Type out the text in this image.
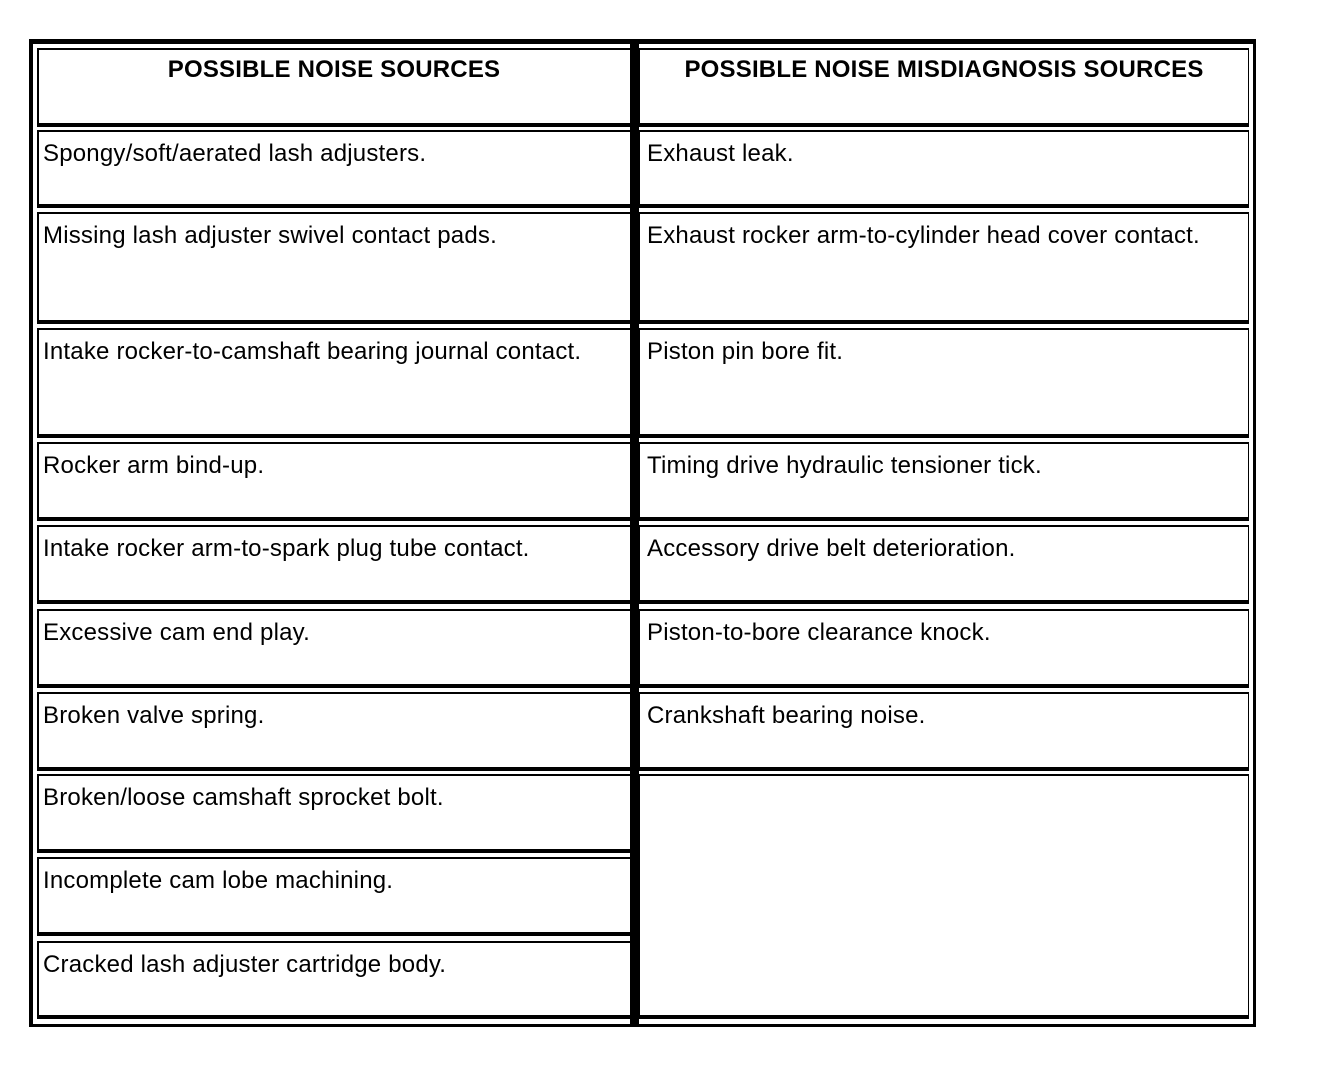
POSSIBLE NOISE SOURCES	POSSIBLE NOISE MISDIAGNOSIS SOURCES
Spongy/soft/aerated lash adjusters.
Missing lash adjuster swivel contact pads.
Intake rocker-to-camshaft bearing journal contact.
Rocker arm bind-up.
Intake rocker arm-to-spark plug tube contact.
Excessive cam end play.
Broken valve spring.
Broken/loose camshaft sprocket bolt.
Incomplete cam lobe machining.
Cracked lash adjuster cartridge body.
Exhaust leak.
Exhaust rocker arm-to-cylinder head cover contact.
Piston pin bore fit.
Timing drive hydraulic tensioner tick.
Accessory drive belt deterioration.
Piston-to-bore clearance knock.
Crankshaft bearing noise.
